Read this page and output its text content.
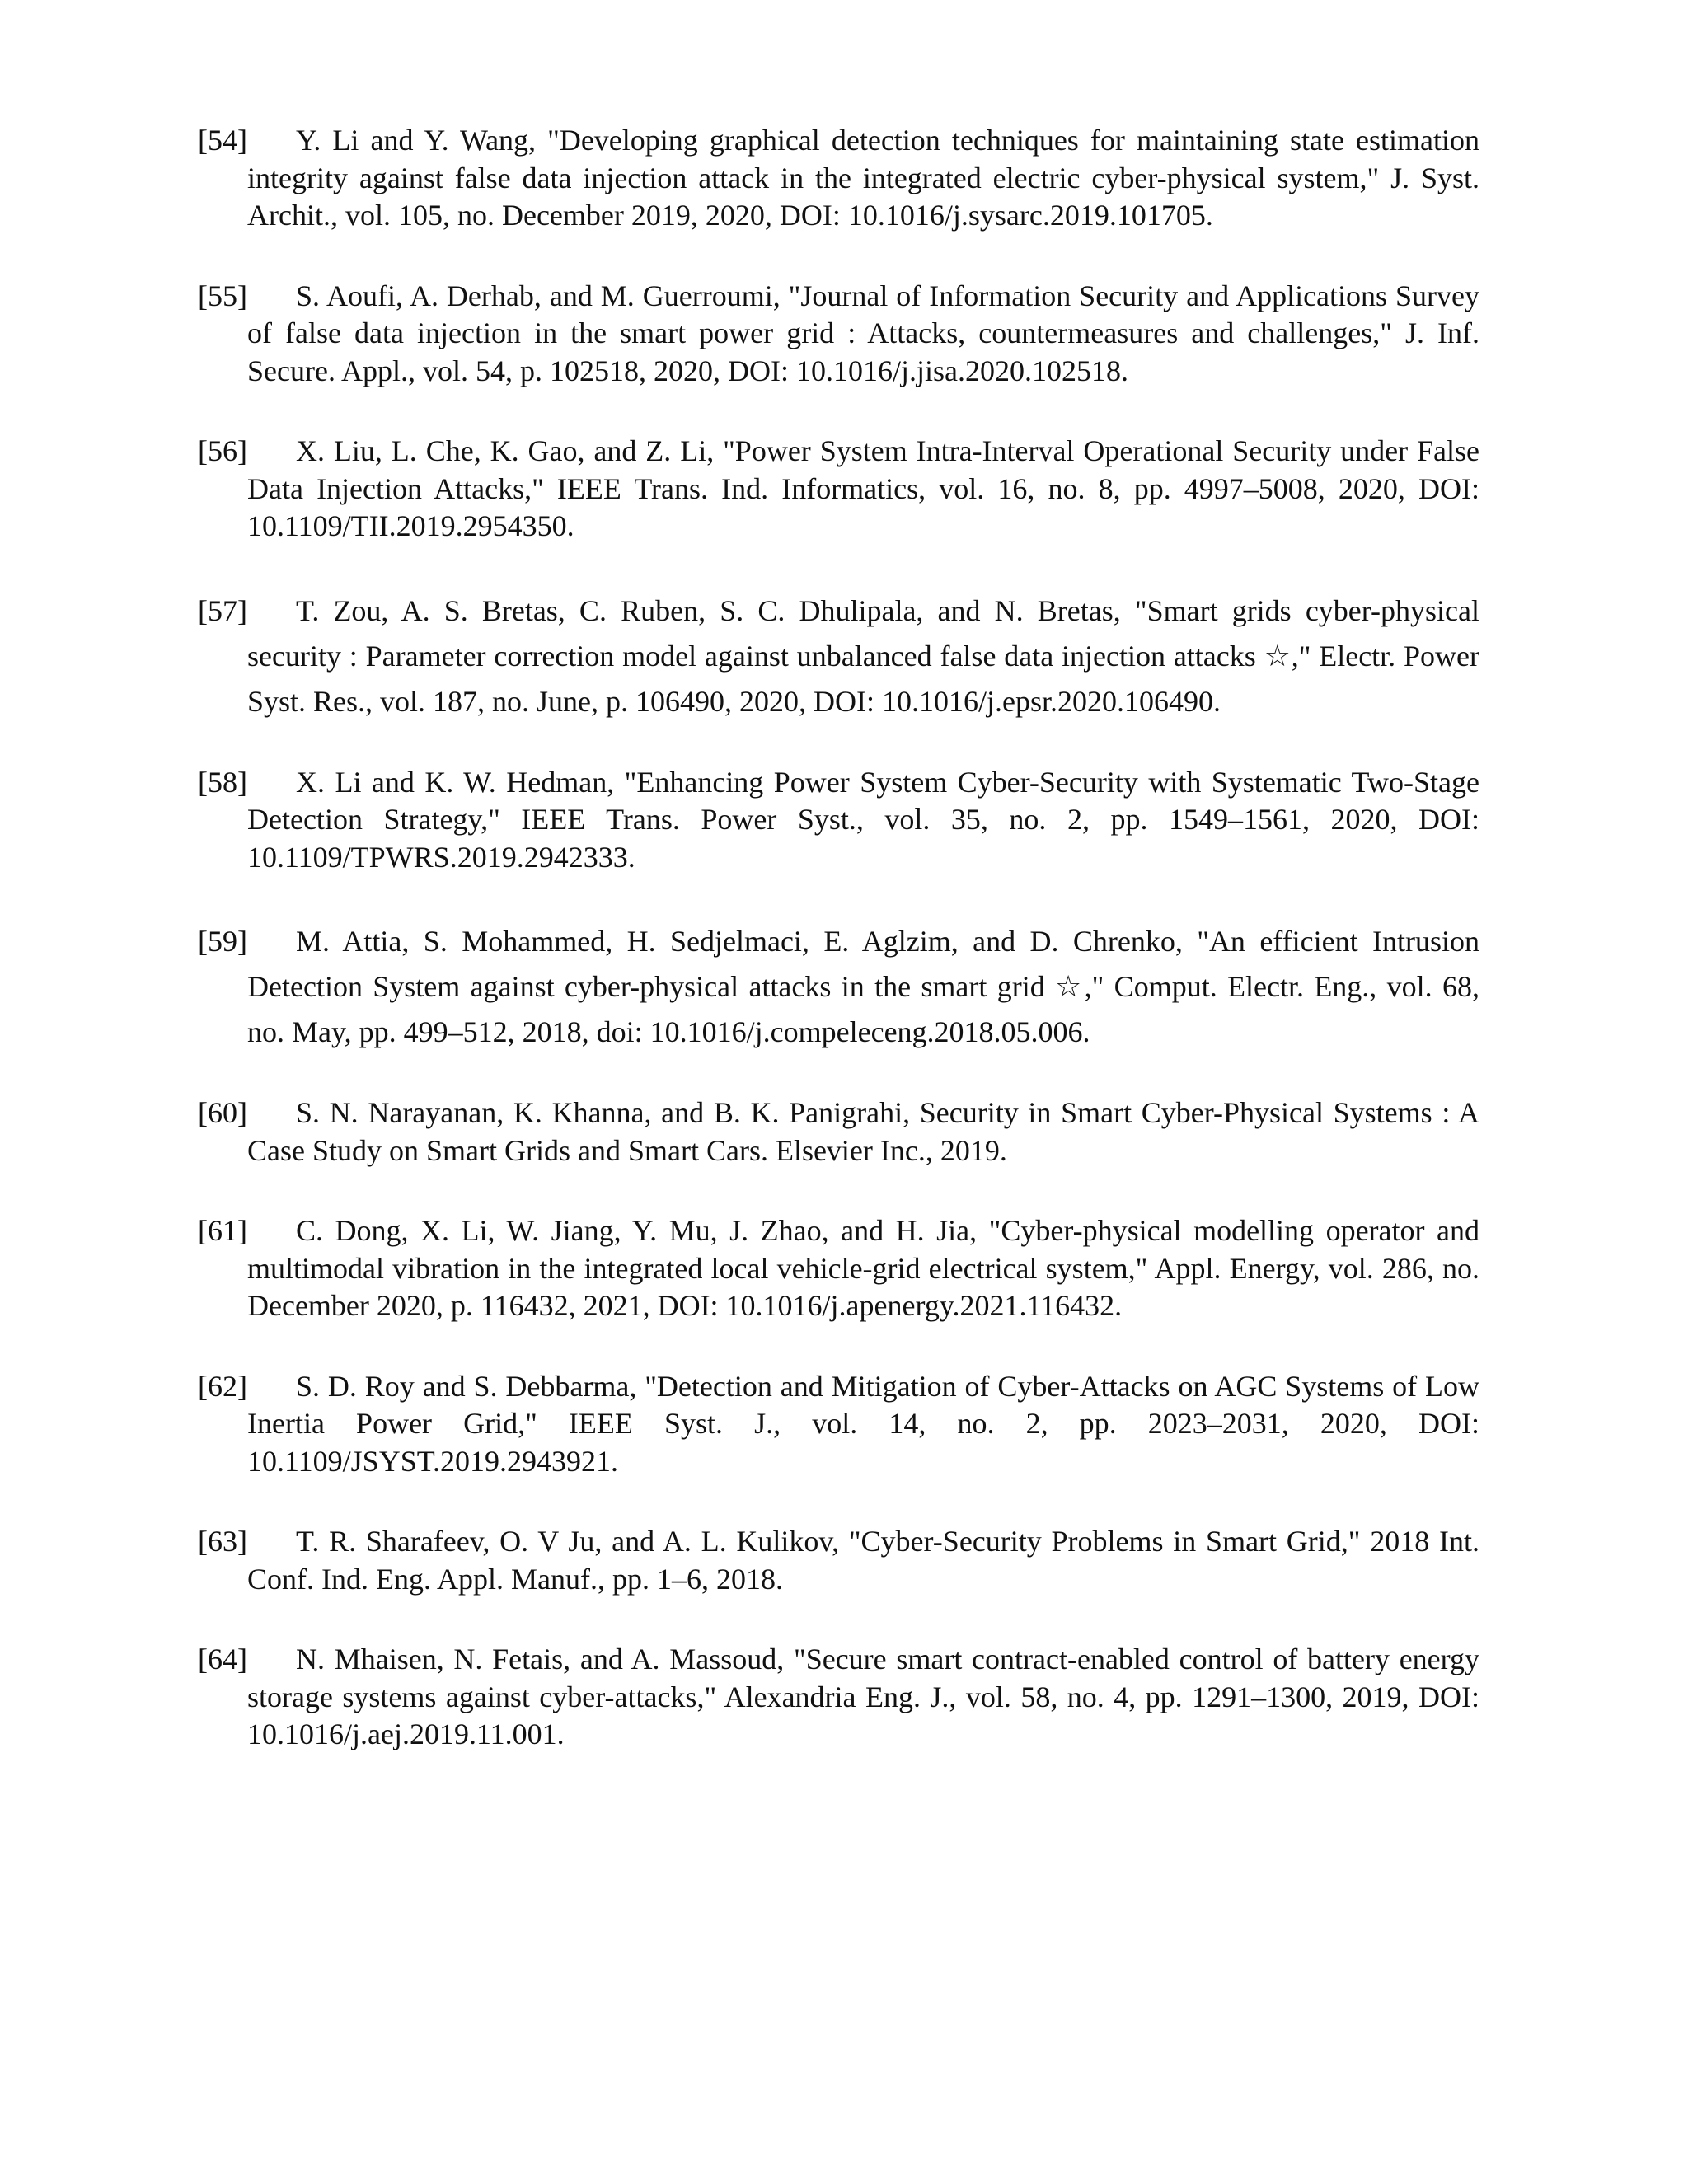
[54] Y. Li and Y. Wang, "Developing graphical detection techniques for maintaining state estimation integrity against false data injection attack in the integrated electric cyber-physical system," J. Syst. Archit., vol. 105, no. December 2019, 2020, DOI: 10.1016/j.sysarc.2019.101705.

[55] S. Aoufi, A. Derhab, and M. Guerroumi, "Journal of Information Security and Applications Survey of false data injection in the smart power grid : Attacks, countermeasures and challenges," J. Inf. Secure. Appl., vol. 54, p. 102518, 2020, DOI: 10.1016/j.jisa.2020.102518.

[56] X. Liu, L. Che, K. Gao, and Z. Li, "Power System Intra-Interval Operational Security under False Data Injection Attacks," IEEE Trans. Ind. Informatics, vol. 16, no. 8, pp. 4997–5008, 2020, DOI: 10.1109/TII.2019.2954350.

[57] T. Zou, A. S. Bretas, C. Ruben, S. C. Dhulipala, and N. Bretas, "Smart grids cyber-physical security : Parameter correction model against unbalanced false data injection attacks ☆," Electr. Power Syst. Res., vol. 187, no. June, p. 106490, 2020, DOI: 10.1016/j.epsr.2020.106490.

[58] X. Li and K. W. Hedman, "Enhancing Power System Cyber-Security with Systematic Two-Stage Detection Strategy," IEEE Trans. Power Syst., vol. 35, no. 2, pp. 1549–1561, 2020, DOI: 10.1109/TPWRS.2019.2942333.

[59] M. Attia, S. Mohammed, H. Sedjelmaci, E. Aglzim, and D. Chrenko, "An efficient Intrusion Detection System against cyber-physical attacks in the smart grid ☆," Comput. Electr. Eng., vol. 68, no. May, pp. 499–512, 2018, doi: 10.1016/j.compeleceng.2018.05.006.

[60] S. N. Narayanan, K. Khanna, and B. K. Panigrahi, Security in Smart Cyber-Physical Systems : A Case Study on Smart Grids and Smart Cars. Elsevier Inc., 2019.

[61] C. Dong, X. Li, W. Jiang, Y. Mu, J. Zhao, and H. Jia, "Cyber-physical modelling operator and multimodal vibration in the integrated local vehicle-grid electrical system," Appl. Energy, vol. 286, no. December 2020, p. 116432, 2021, DOI: 10.1016/j.apenergy.2021.116432.

[62] S. D. Roy and S. Debbarma, "Detection and Mitigation of Cyber-Attacks on AGC Systems of Low Inertia Power Grid," IEEE Syst. J., vol. 14, no. 2, pp. 2023–2031, 2020, DOI: 10.1109/JSYST.2019.2943921.

[63] T. R. Sharafeev, O. V Ju, and A. L. Kulikov, "Cyber-Security Problems in Smart Grid," 2018 Int. Conf. Ind. Eng. Appl. Manuf., pp. 1–6, 2018.

[64] N. Mhaisen, N. Fetais, and A. Massoud, "Secure smart contract-enabled control of battery energy storage systems against cyber-attacks," Alexandria Eng. J., vol. 58, no. 4, pp. 1291–1300, 2019, DOI: 10.1016/j.aej.2019.11.001.
